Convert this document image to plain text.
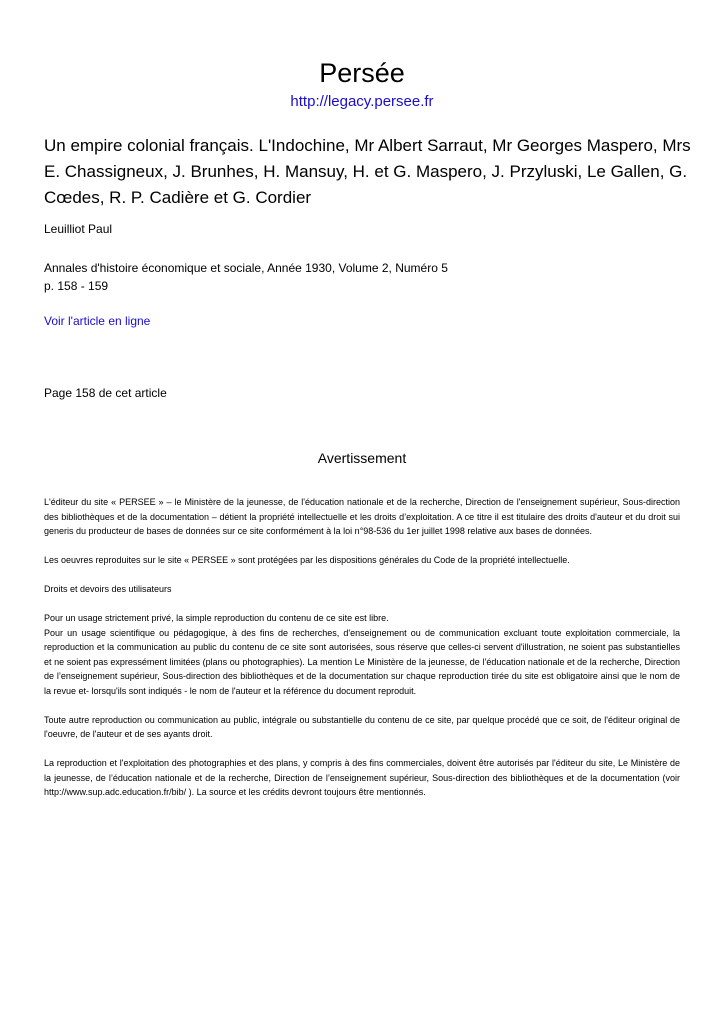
Persée
http://legacy.persee.fr
Un empire colonial français. L'Indochine, Mr Albert Sarraut, Mr Georges Maspero, Mrs E. Chassigneux, J. Brunhes, H. Mansuy, H. et G. Maspero, J. Przyluski, Le Gallen, G. Cœdes, R. P. Cadière et G. Cordier
Leuilliot Paul
Annales d'histoire économique et sociale, Année 1930, Volume 2, Numéro 5
p. 158 - 159
Voir l'article en ligne
Page 158 de cet article
Avertissement

L'éditeur du site « PERSEE » – le Ministère de la jeunesse, de l'éducation nationale et de la recherche, Direction de l'enseignement supérieur, Sous-direction des bibliothèques et de la documentation – détient la propriété intellectuelle et les droits d’exploitation. A ce titre il est titulaire des droits d'auteur et du droit sui generis du producteur de bases de données sur ce site conformément à la loi n°98-536 du 1er juillet 1998 relative aux bases de données.

Les oeuvres reproduites sur le site « PERSEE » sont protégées par les dispositions générales du Code de la propriété intellectuelle.

Droits et devoirs des utilisateurs

Pour un usage strictement privé, la simple reproduction du contenu de ce site est libre.

Pour un usage scientifique ou pédagogique, à des fins de recherches, d'enseignement ou de communication excluant toute exploitation commerciale, la reproduction et la communication au public du contenu de ce site sont autorisées, sous réserve que celles-ci servent d'illustration, ne soient pas substantielles et ne soient pas expressément limitées (plans ou photographies). La mention Le Ministère de la jeunesse, de l’éducation nationale et de la recherche, Direction de l’enseignement supérieur, Sous-direction des bibliothèques et de la documentation sur chaque reproduction tirée du site est obligatoire ainsi que le nom de la revue et- lorsqu'ils sont indiqués - le nom de l'auteur et la référence du document reproduit.

Toute autre reproduction ou communication au public, intégrale ou substantielle du contenu de ce site, par quelque procédé que ce soit, de l'éditeur original de l'oeuvre, de l'auteur et de ses ayants droit.

La reproduction et l'exploitation des photographies et des plans, y compris à des fins commerciales, doivent être autorisés par l'éditeur du site, Le Ministère de la jeunesse, de l’éducation nationale et de la recherche, Direction de l’enseignement supérieur, Sous-direction des bibliothèques et de la documentation (voir http://www.sup.adc.education.fr/bib/ ). La source et les crédits devront toujours être mentionnés.
